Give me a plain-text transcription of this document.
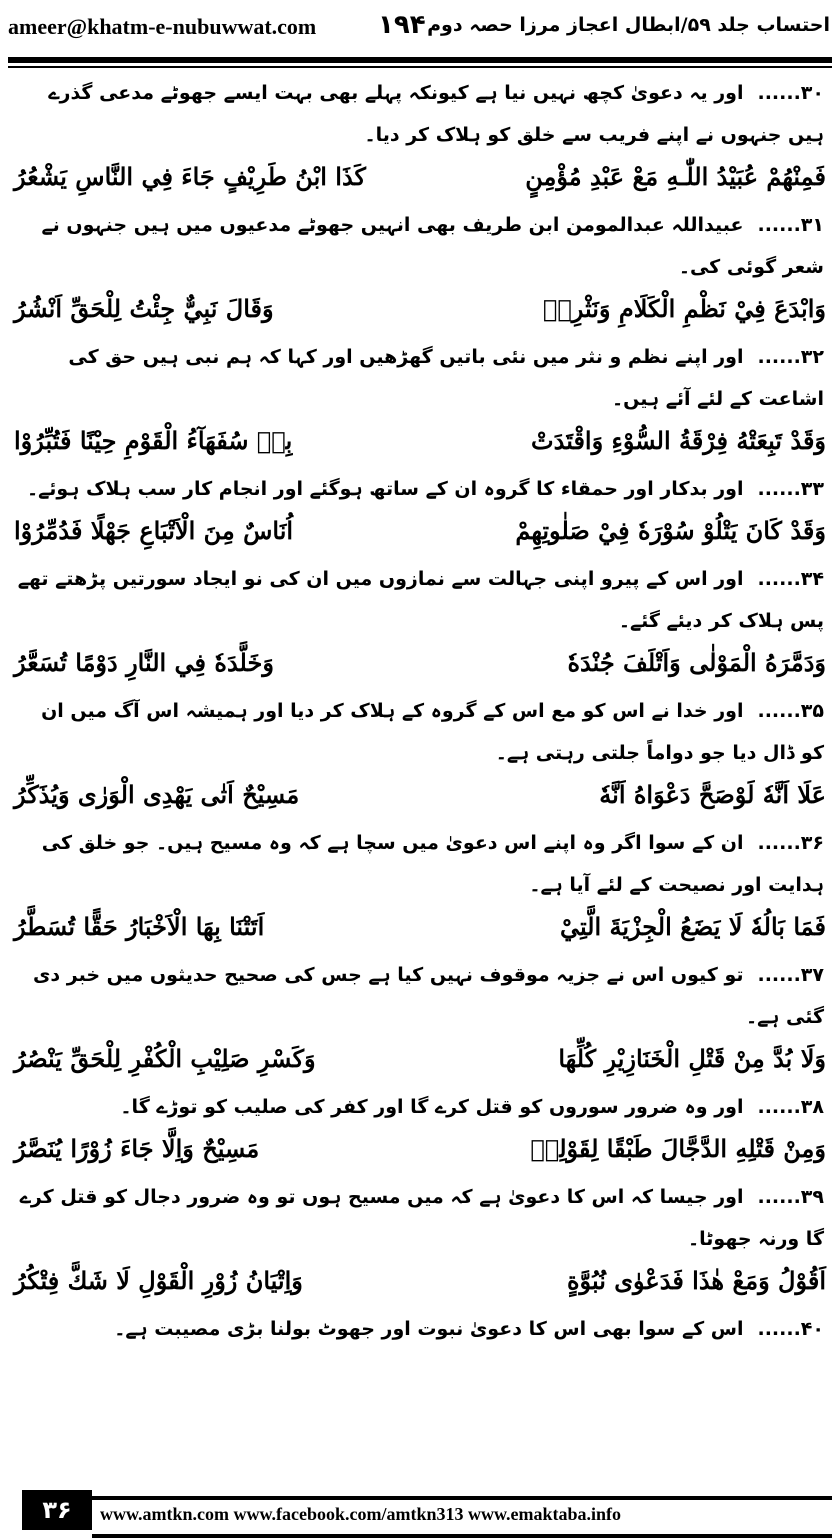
ameer@khatm-e-nubuwwat.com ۱۹۴ احتساب جلد ۵۹/ابطال اعجاز مرزا حصہ دوم
۳۰......اور یہ دعویٰ کچھ نہیں نیا ہے کیونکہ پہلے بھی بہت ایسے جھوٹے مدعی گذرے ہیں جنہوں نے اپنے فریب سے خلق کو ہلاک کر دیا۔
فَمِنْهُمْ عُبَيْدُ اللّٰـهِ مَعْ عَبْدِ مُؤْمِنٍ
كَذَا ابْنُ طَرِيْفٍ جَاءَ فِي النَّاسِ يَشْعُرُ
۳۱......عبیداللہ عبدالمومن ابن طریف بھی انہیں جھوٹے مدعیوں میں ہیں جنہوں نے شعر گوئی کی۔
وَابْدَعَ فِيْ نَظْمِ الْكَلَامِ وَنَثْرِهٖ
وَقَالَ نَبِيٌّ جِئْتُ لِلْحَقِّ اَنْشُرُ
۳۲......اور اپنے نظم و نثر میں نئی باتیں گھڑھیں اور کہا کہ ہم نبی ہیں حق کی اشاعت کے لئے آئے ہیں۔
وَقَدْ تَبِعَتْهُ فِرْقَةُ السُّوْءِ وَاقْتَدَتْ
بِهٖ سُفَهَآءُ الْقَوْمِ حِيْنًا فَتُبِّرُوْا
۳۳......اور بدکار اور حمقاء کا گروہ ان کے ساتھ ہوگئے اور انجام کار سب ہلاک ہوئے۔
وَقَدْ كَانَ يَتْلُوْ سُوْرَهٗ فِيْ صَلٰوتِهِمْ
اُنَاسٌ مِنَ الْاَتْبَاعِ جَهْلًا فَدُمِّرُوْا
۳۴......اور اس کے پیرو اپنی جہالت سے نمازوں میں ان کی نو ایجاد سورتیں پڑھتے تھے پس ہلاک کر دیئے گئے۔
وَدَمَّرَهُ الْمَوْلٰى وَاَتْلَفَ جُنْدَهٗ
وَخَلَّدَهٗ فِي النَّارِ دَوْمًا تُسَعَّرُ
۳۵......اور خدا نے اس کو مع اس کے گروہ کے ہلاک کر دیا اور ہمیشہ اس آگ میں ان کو ڈال دیا جو دواماً جلتی رہتی ہے۔
عَلَا اَنَّهٗ لَوْصَحَّ دَعْوَاهُ اَنَّهٗ
مَسِيْحٌ اَتٰى يَهْدِى الْوَرٰى وَيُذَكِّرُ
۳۶......ان کے سوا اگر وہ اپنے اس دعویٰ میں سچا ہے کہ وہ مسیح ہیں۔ جو خلق کی ہدایت اور نصیحت کے لئے آیا ہے۔
فَمَا بَالُهٗ لَا يَضَعُ الْجِزْيَةَ الَّتِيْ
اَتَتْنَا بِهَا الْاَخْبَارُ حَقًّا تُسَطَّرُ
۳۷......تو کیوں اس نے جزیہ موقوف نہیں کیا ہے جس کی صحیح حدیثوں میں خبر دی گئی ہے۔
وَلَا بُدَّ مِنْ قَتْلِ الْخَنَازِيْرِ كُلِّهَا
وَكَسْرِ صَلِيْبِ الْكُفْرِ لِلْحَقِّ يَنْصُرُ
۳۸......اور وہ ضرور سوروں کو قتل کرے گا اور کفر کی صلیب کو توڑے گا۔
وَمِنْ قَتْلِهِ الدَّجَّالَ طَبْقًا لِقَوْلِهٖ
مَسِيْحٌ وَاِلَّا جَاءَ زُوْرًا يُنَصَّرُ
۳۹......اور جیسا کہ اس کا دعویٰ ہے کہ میں مسیح ہوں تو وہ ضرور دجال کو قتل کرے گا ورنہ جھوٹا۔
اَقُوْلُ وَمَعْ هٰذَا فَدَعْوٰى نُبُوَّةٍ
وَاِتْيَانُ زُوْرِ الْقَوْلِ لَا شَكَّ فِتْكُرُ
۴۰......اس کے سوا بھی اس کا دعویٰ نبوت اور جھوٹ بولنا بڑی مصیبت ہے۔
۳۶	www.amtkn.com www.facebook.com/amtkn313 www.emaktaba.info
